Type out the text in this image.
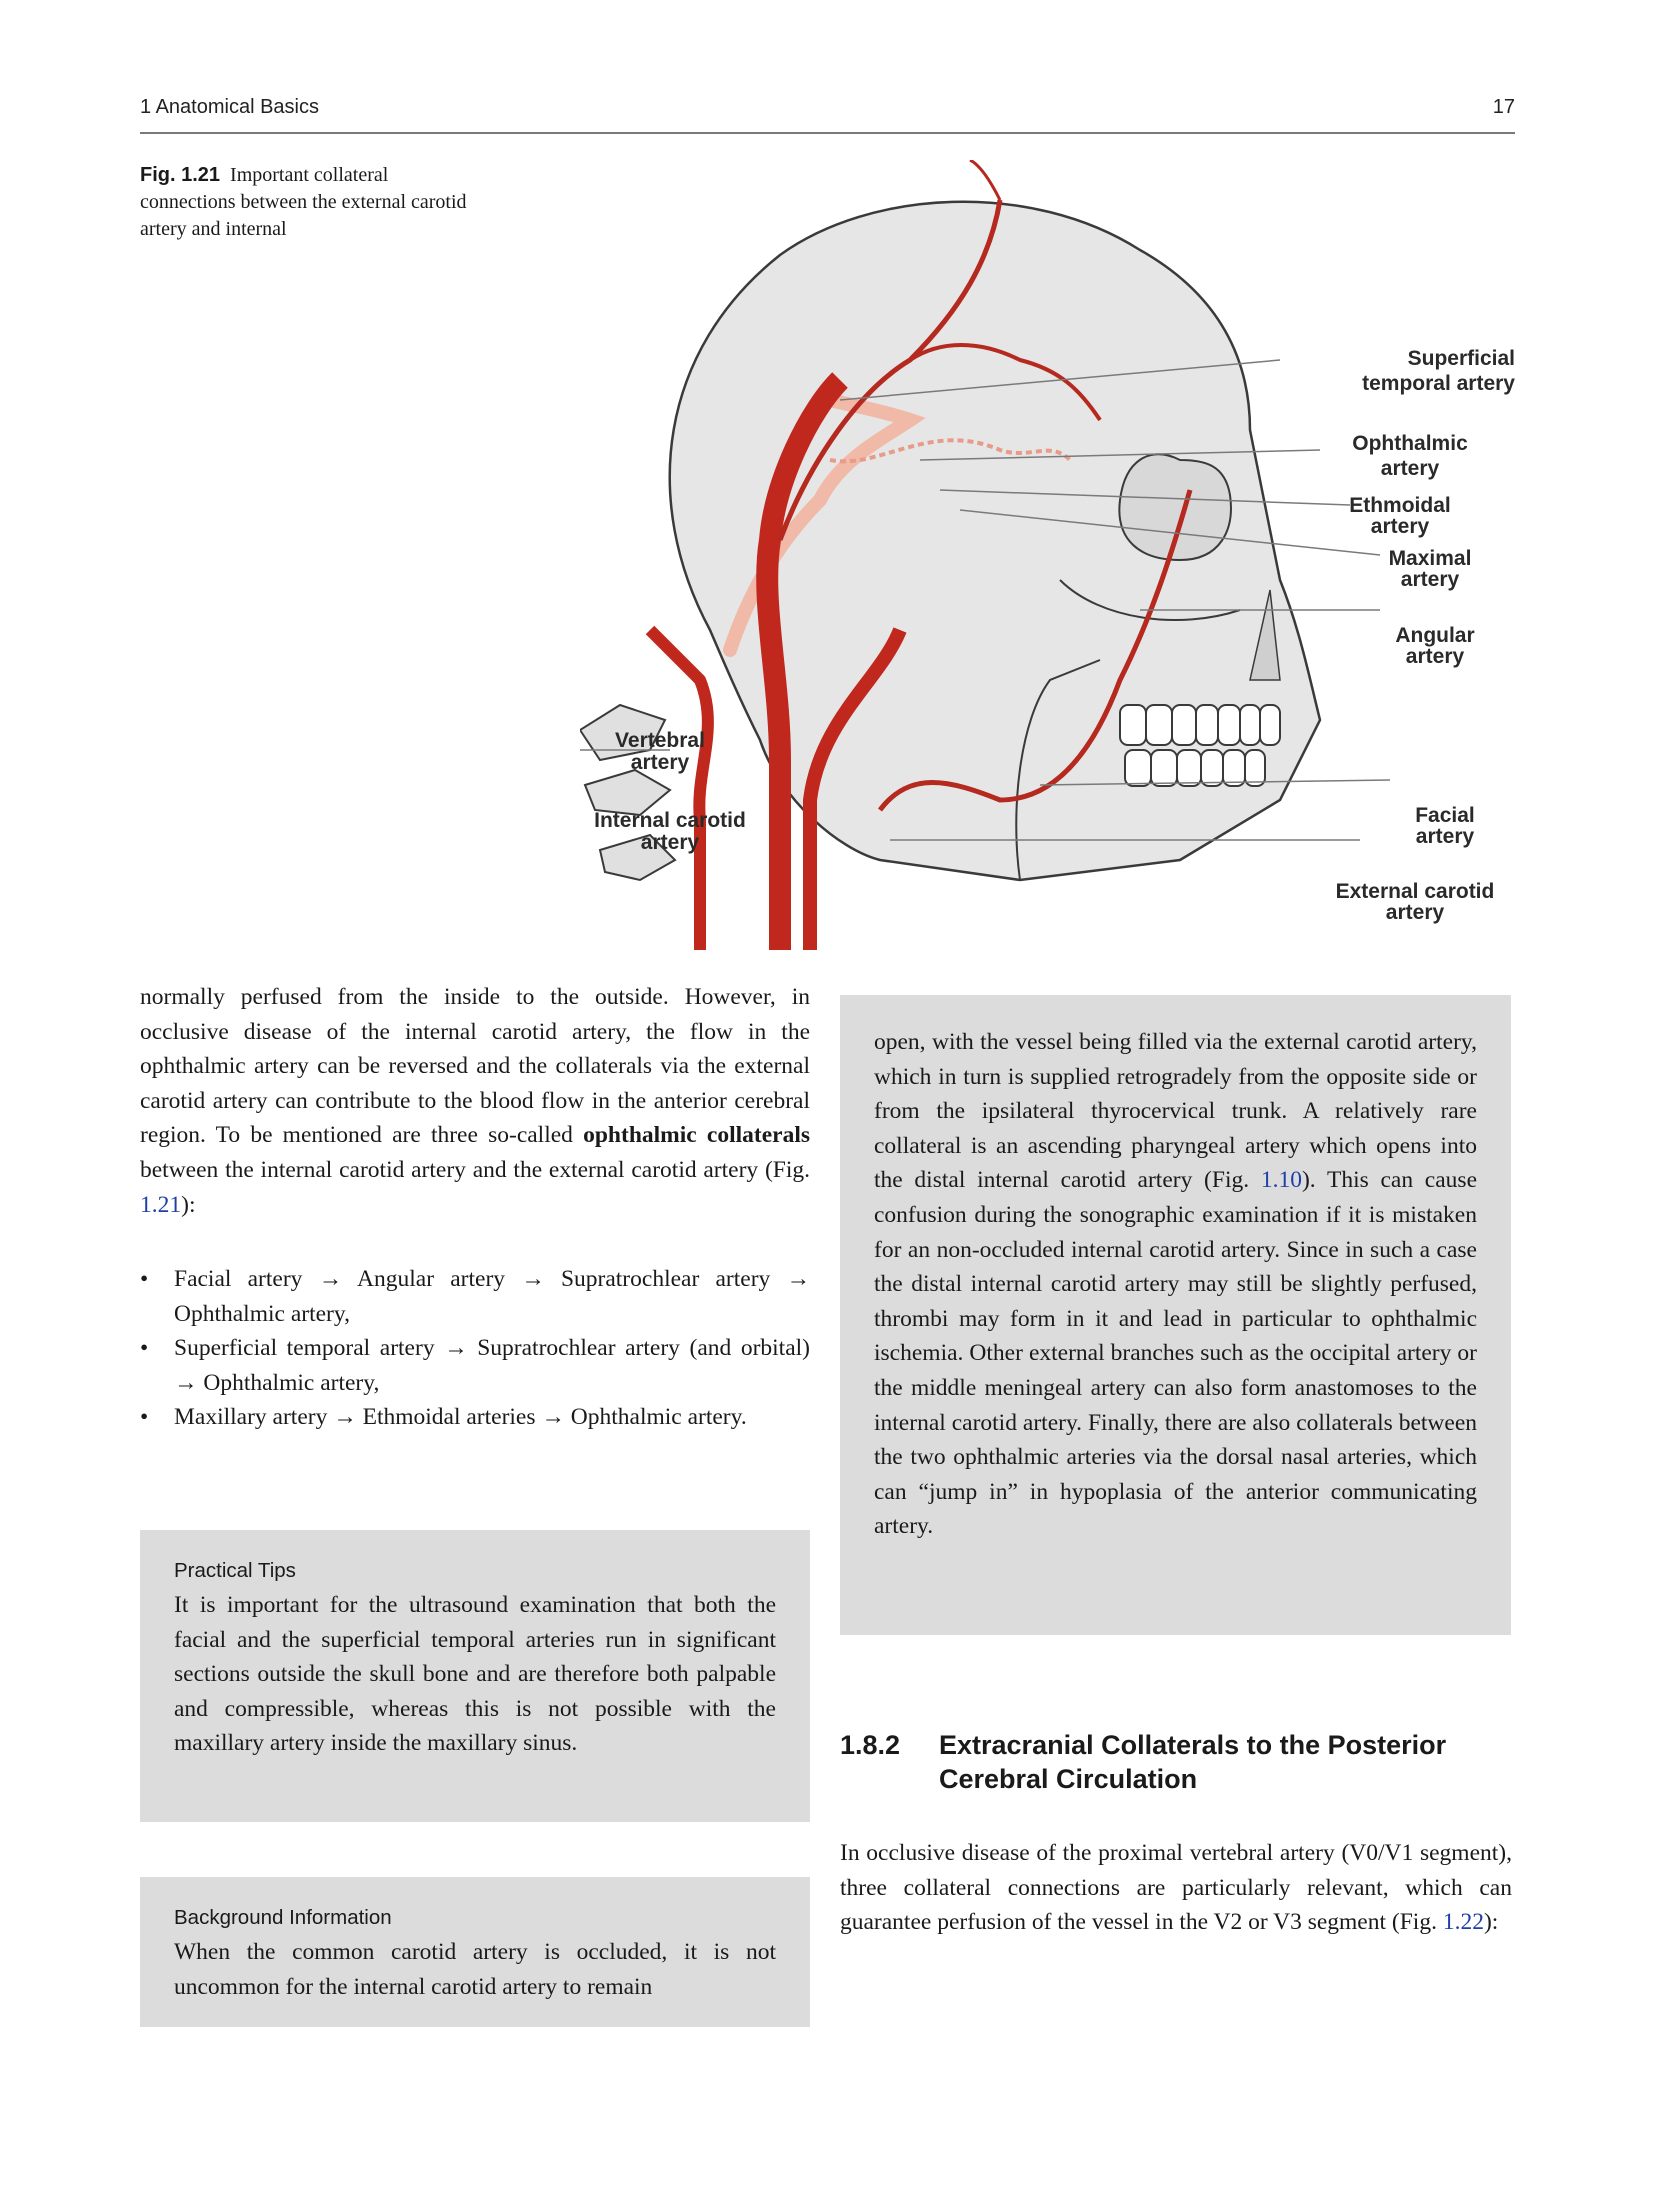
1 Anatomical Basics	17
Fig. 1.21 Important collateral connections between the external carotid artery and internal
Superficial
temporal artery
Ophthalmic
artery
Ethmoidal
artery
Maximal
artery
Angular
artery
Facial
artery
External carotid
artery
Vertebral
artery
Internal carotid
artery
normally perfused from the inside to the outside. However, in occlusive disease of the internal carotid artery, the flow in the ophthalmic artery can be reversed and the collaterals via the external carotid artery can contribute to the blood flow in the anterior cerebral region. To be mentioned are three so-called ophthalmic collaterals between the internal carotid artery and the external carotid artery (Fig. 1.21):
• Facial artery → Angular artery → Supratrochlear artery → Ophthalmic artery,
• Superficial temporal artery → Supratrochlear artery (and orbital) → Ophthalmic artery,
• Maxillary artery → Ethmoidal arteries → Ophthalmic artery.
Practical Tips
It is important for the ultrasound examination that both the facial and the superficial temporal arteries run in significant sections outside the skull bone and are therefore both palpable and compressible, whereas this is not possible with the maxillary artery inside the maxillary sinus.
Background Information
When the common carotid artery is occluded, it is not uncommon for the internal carotid artery to remain
open, with the vessel being filled via the external carotid artery, which in turn is supplied retrogradely from the opposite side or from the ipsilateral thyrocervical trunk. A relatively rare collateral is an ascending pharyngeal artery which opens into the distal internal carotid artery (Fig. 1.10). This can cause confusion during the sonographic examination if it is mistaken for an non-occluded internal carotid artery. Since in such a case the distal internal carotid artery may still be slightly perfused, thrombi may form in it and lead in particular to ophthalmic ischemia. Other external branches such as the occipital artery or the middle meningeal artery can also form anastomoses to the internal carotid artery. Finally, there are also collaterals between the two ophthalmic arteries via the dorsal nasal arteries, which can “jump in” in hypoplasia of the anterior communicating artery.
1.8.2 Extracranial Collaterals to the Posterior Cerebral Circulation
In occlusive disease of the proximal vertebral artery (V0/V1 segment), three collateral connections are particularly relevant, which can guarantee perfusion of the vessel in the V2 or V3 segment (Fig. 1.22):
